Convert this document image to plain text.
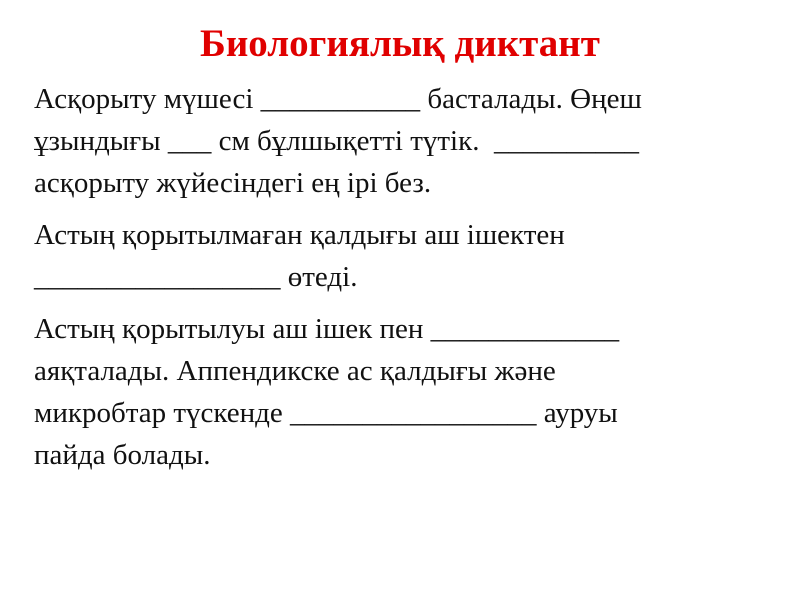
Биологиялық диктант
Асқорыту мүшесі ___________ басталады. Өңеш
ұзындығы ___ см бұлшықетті түтік.  __________
асқорыту жүйесіндегі ең ірі без.
Астың қорытылмаған қалдығы аш ішектен
_________________ өтеді.
Астың қорытылуы аш ішек пен _____________
аяқталады. Аппендикске ас қалдығы және
микробтар түскенде _________________ ауруы
пайда болады.
